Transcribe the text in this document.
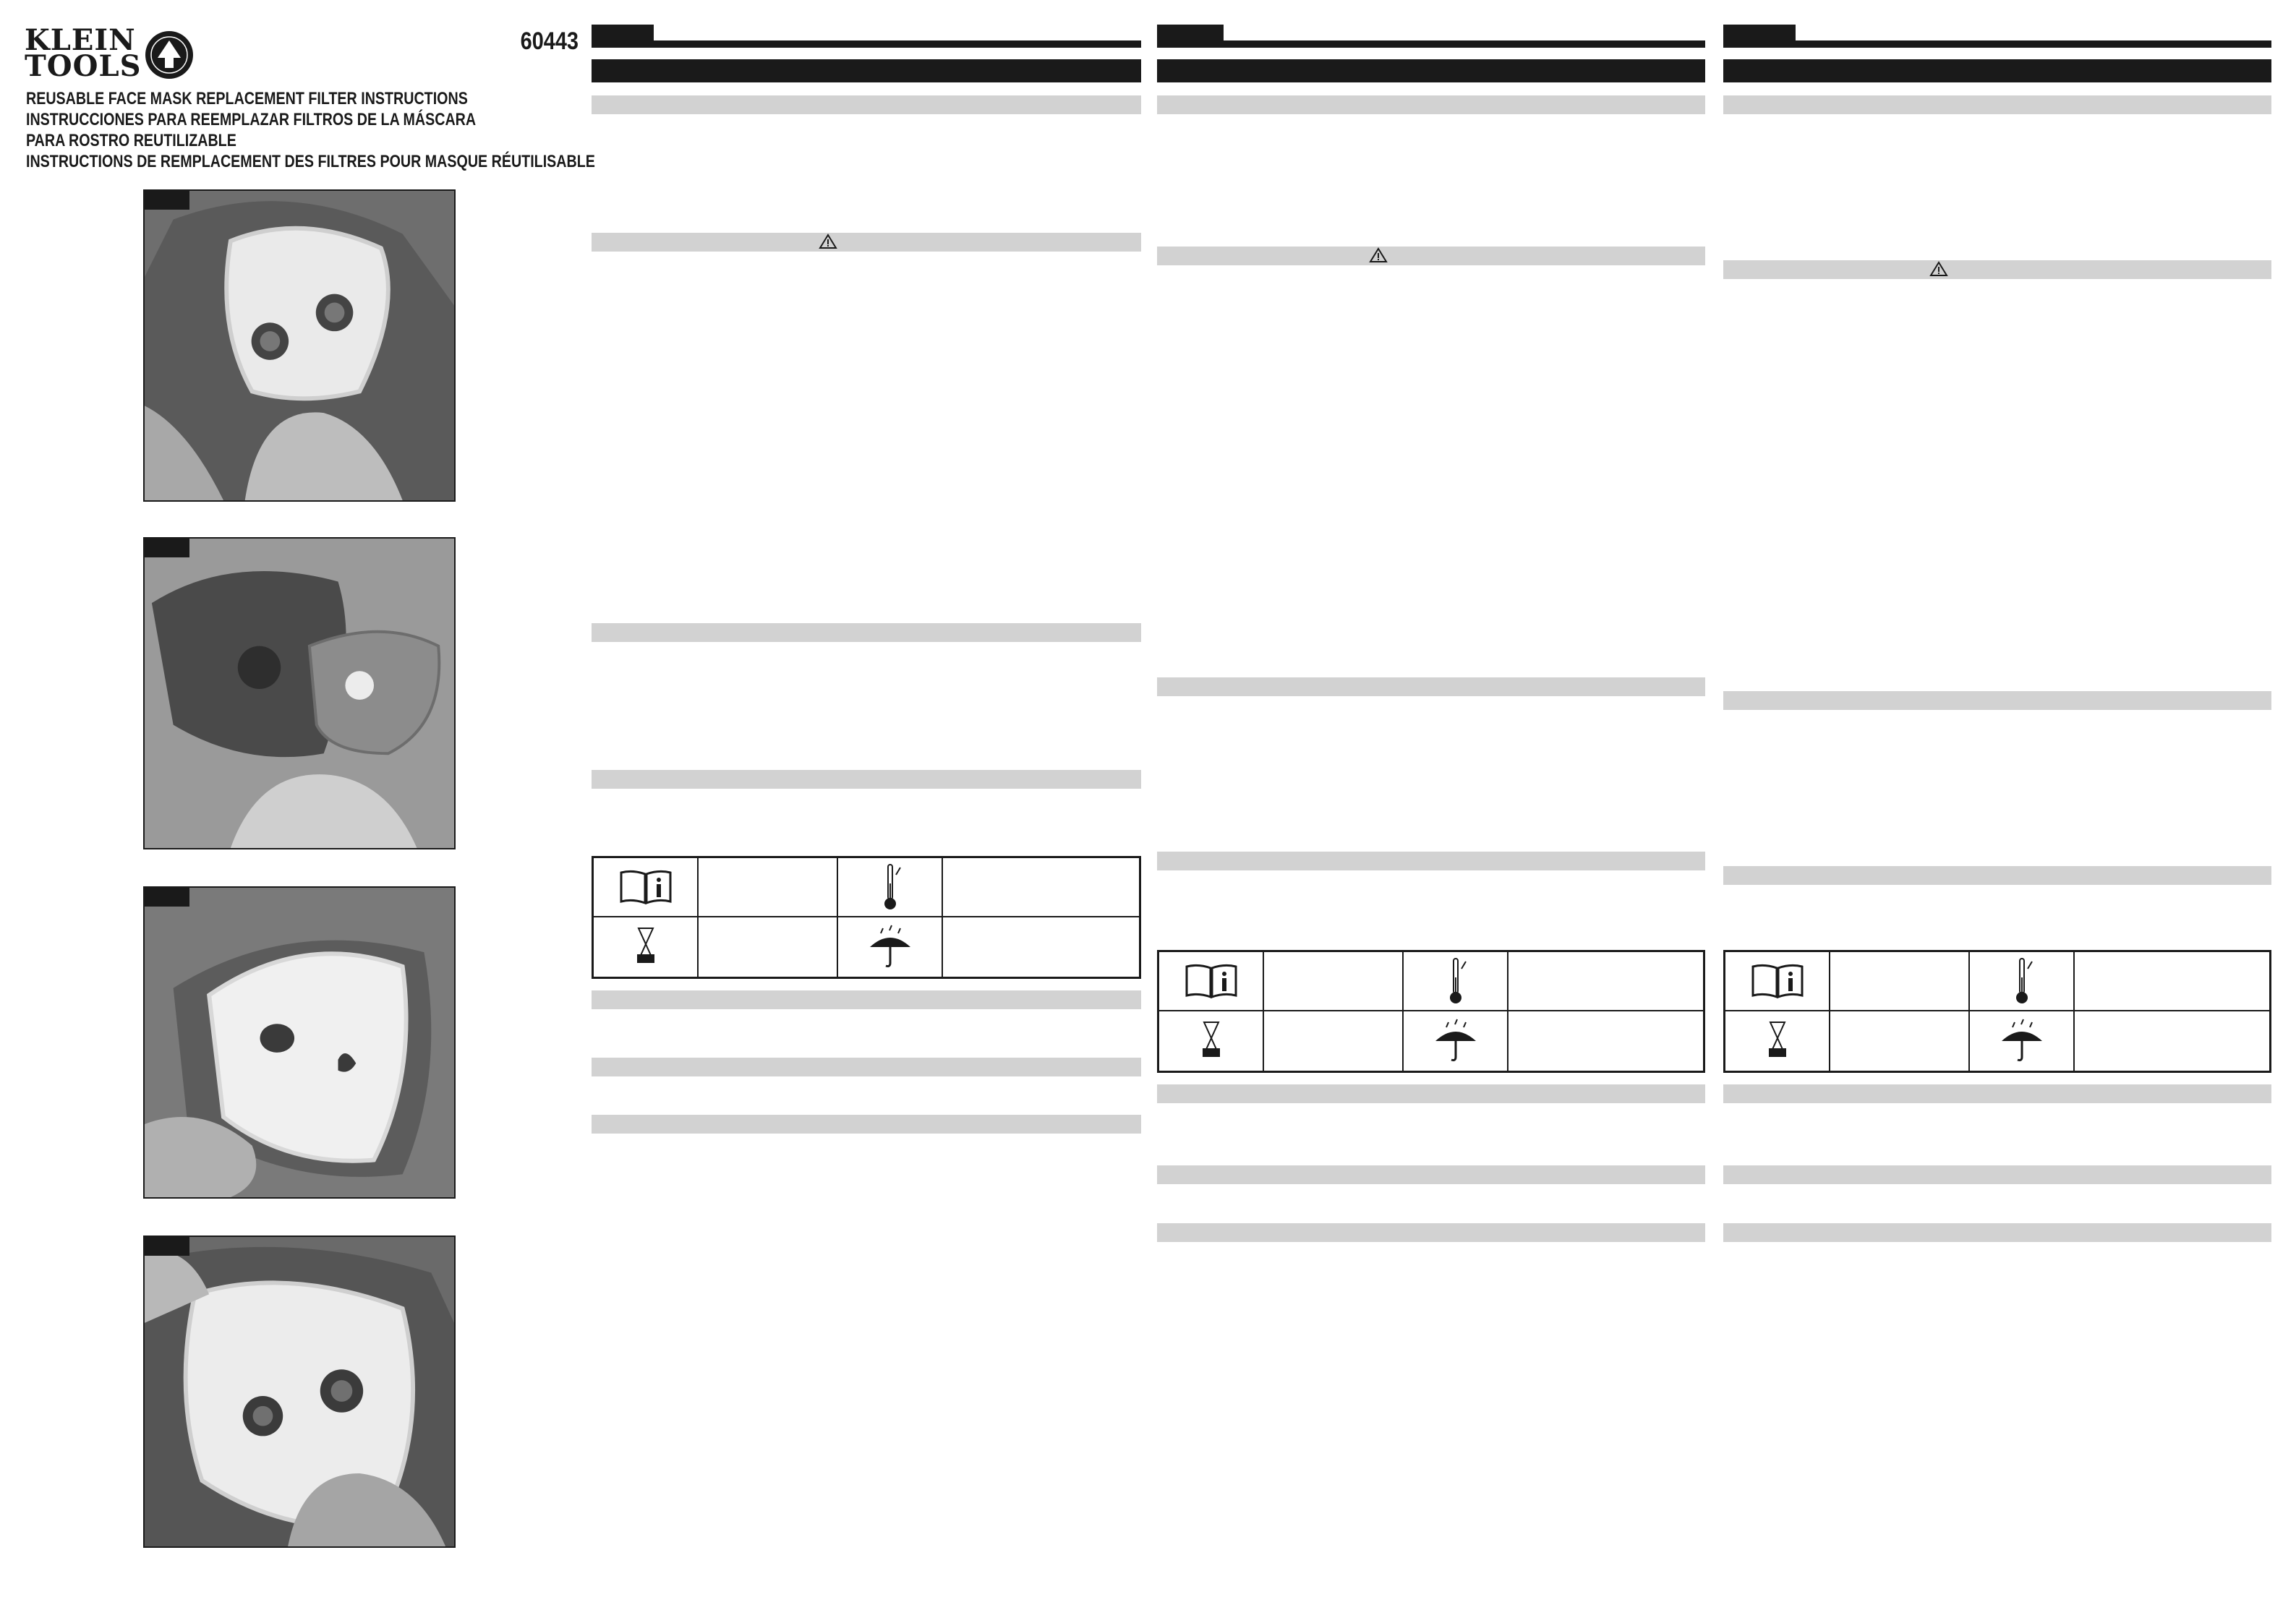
KLEIN
TOOLS
60443
REUSABLE FACE MASK REPLACEMENT FILTER INSTRUCTIONS
INSTRUCCIONES PARA REEMPLAZAR FILTROS DE LA MÁSCARA
PARA ROSTRO REUTILIZABLE
INSTRUCTIONS DE REMPLACEMENT DES FILTRES POUR MASQUE RÉUTILISABLE
